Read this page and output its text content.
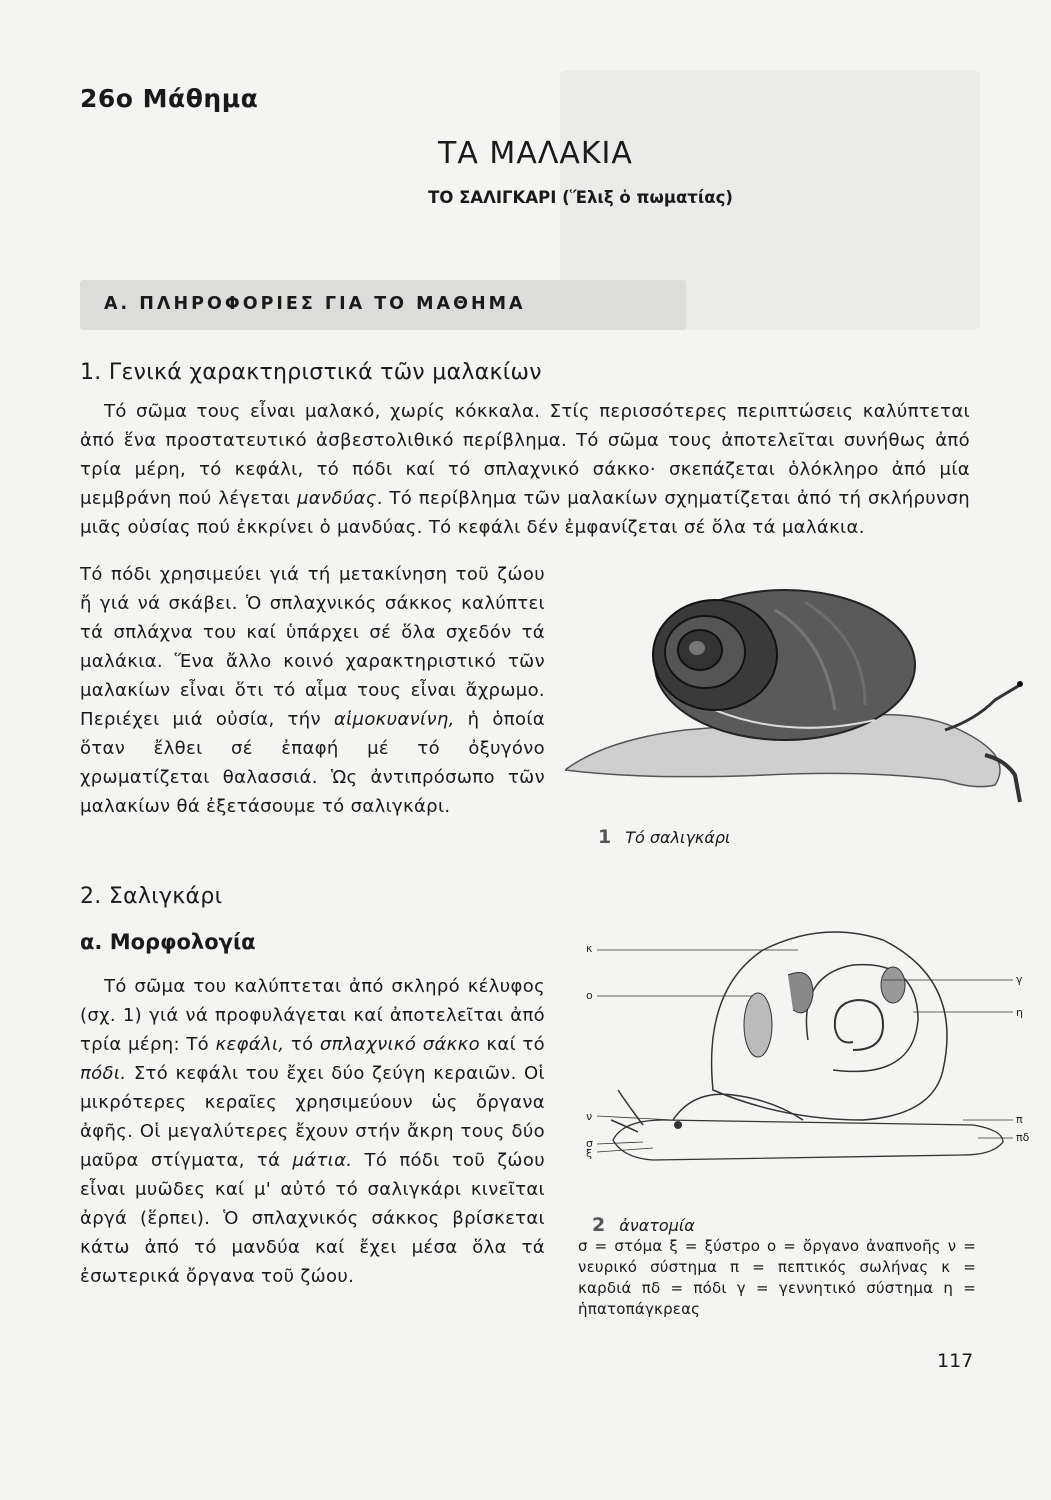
26ο Μάθημα
ΤΑ ΜΑΛΑΚΙΑ
ΤΟ ΣΑΛΙΓΚΑΡΙ (Ἕλιξ ὁ πωματίας)
Α. ΠΛΗΡΟΦΟΡΙΕΣ ΓΙΑ ΤΟ ΜΑΘΗΜΑ
1. Γενικά χαρακτηριστικά τῶν μαλακίων

Τό σῶμα τους εἶναι μαλακό, χωρίς κόκκαλα. Στίς περισσότερες περιπτώσεις καλύπτεται ἀπό ἕνα προστατευτικό ἀσβεστολιθικό περίβλημα. Τό σῶμα τους ἀποτελεῖται συνήθως ἀπό τρία μέρη, τό κεφάλι, τό πόδι καί τό σπλαχνικό σάκκο· σκεπάζεται ὁλόκληρο ἀπό μία μεμβράνη πού λέγεται μανδύας. Τό περίβλημα τῶν μαλακίων σχηματίζεται ἀπό τή σκλήρυνση μιᾶς οὐσίας πού ἐκκρίνει ὁ μανδύας. Τό κεφάλι δέν ἐμφανίζεται σέ ὅλα τά μαλάκια.

Τό πόδι χρησιμεύει γιά τή μετακίνηση τοῦ ζώου ἤ γιά νά σκάβει. Ὁ σπλαχνικός σάκκος καλύπτει τά σπλάχνα του καί ὑπάρχει σέ ὅλα σχεδόν τά μαλάκια. Ἕνα ἄλλο κοινό χαρακτηριστικό τῶν μαλακίων εἶναι ὅτι τό αἷμα τους εἶναι ἄχρωμο. Περιέχει μιά οὐσία, τήν αἱμοκυανίνη, ἡ ὁποία ὅταν ἔλθει σέ ἐπαφή μέ τό ὀξυγόνο χρωματίζεται θαλασσιά. Ὡς ἀντιπρόσωπο τῶν μαλακίων θά ἐξετάσουμε τό σαλιγκάρι.

2. Σαλιγκάρι
α. Μορφολογία

Τό σῶμα του καλύπτεται ἀπό σκληρό κέλυφος (σχ. 1) γιά νά προφυλάγεται καί ἀποτελεῖται ἀπό τρία μέρη: Τό κεφάλι, τό σπλαχνικό σάκκο καί τό πόδι. Στό κεφάλι του ἔχει δύο ζεύγη κεραιῶν. Οἱ μικρότερες κεραῖες χρησιμεύουν ὡς ὄργανα ἀφῆς. Οἱ μεγαλύτερες ἔχουν στήν ἄκρη τους δύο μαῦρα στίγματα, τά μάτια. Τό πόδι τοῦ ζώου εἶναι μυῶδες καί μ' αὐτό τό σαλιγκάρι κινεῖται ἀργά (ἕρπει). Ὁ σπλαχνικός σάκκος βρίσκεται κάτω ἀπό τό μανδύα καί ἔχει μέσα ὅλα τά ἐσωτερικά ὄργανα τοῦ ζώου.

1 Τό σαλιγκάρι
κ
ο
γ
η
ν
σ
ξ
π
πδ
2 ἀνατομία
σ = στόμα ξ = ξύστρο ο = ὄργανο ἀναπνοῆς ν = νευρικό σύστημα π = πεπτικός σωλήνας κ = καρδιά πδ = πόδι γ = γεννητικό σύστημα η = ἡπατοπάγκρεας
117
